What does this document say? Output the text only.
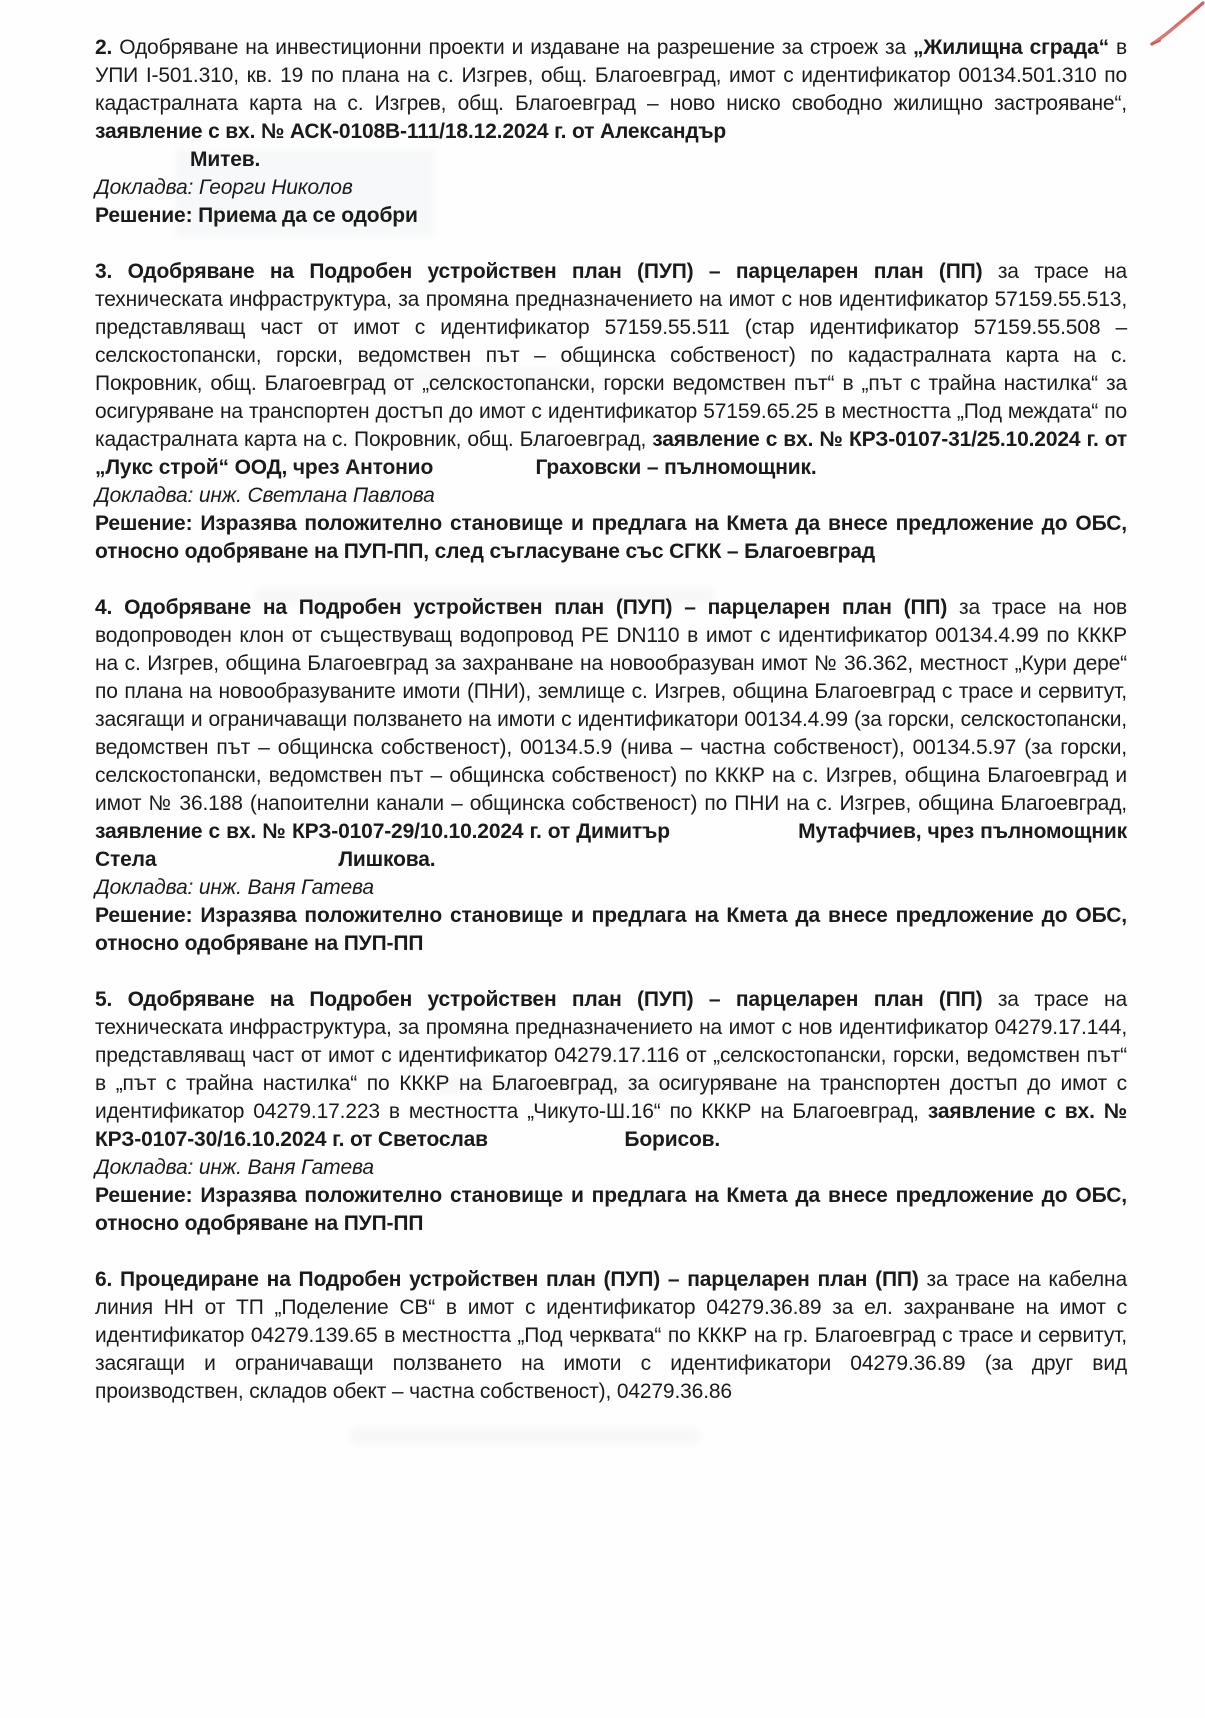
2. Одобряване на инвестиционни проекти и издаване на разрешение за строеж за „Жилищна сграда“ в УПИ І-501.310, кв. 19 по плана на с. Изгрев, общ. Благоевград, имот с идентификатор 00134.501.310 по кадастралната карта на с. Изгрев, общ. Благоевград – ново ниско свободно жилищно застрояване“, заявление с вх. № АСК-0108В-111/18.12.2024 г. от Александър

Митев.

Докладва: Георги Николов

Решение: Приема да се одобри

3. Одобряване на Подробен устройствен план (ПУП) – парцеларен план (ПП) за трасе на техническата инфраструктура, за промяна предназначението на имот с нов идентификатор 57159.55.513, представляващ част от имот с идентификатор 57159.55.511 (стар идентификатор 57159.55.508 – селскостопански, горски, ведомствен път – общинска собственост) по кадастралната карта на с. Покровник, общ. Благоевград от „селскостопански, горски ведомствен път“ в „път с трайна настилка“ за осигуряване на транспортен достъп до имот с идентификатор 57159.65.25 в местността „Под междата“ по кадастралната карта на с. Покровник, общ. Благоевград, заявление с вх. № КРЗ-0107-31/25.10.2024 г. от „Лукс строй“ ООД, чрез Антонио	Граховски – пълномощник.

Докладва: инж. Светлана Павлова

Решение: Изразява положително становище и предлага на Кмета да внесе предложение до ОБС, относно одобряване на ПУП-ПП, след съгласуване със СГКК – Благоевград

4. Одобряване на Подробен устройствен план (ПУП) – парцеларен план (ПП) за трасе на нов водопроводен клон от съществуващ водопровод PE DN110 в имот с идентификатор 00134.4.99 по КККР на с. Изгрев, община Благоевград за захранване на новообразуван имот № 36.362, местност „Кури дере“ по плана на новообразуваните имоти (ПНИ), землище с. Изгрев, община Благоевград с трасе и сервитут, засягащи и ограничаващи ползването на имоти с идентификатори 00134.4.99 (за горски, селскостопански, ведомствен път – общинска собственост), 00134.5.9 (нива – частна собственост), 00134.5.97 (за горски, селскостопански, ведомствен път – общинска собственост) по КККР на с. Изгрев, община Благоевград и имот № 36.188 (напоителни канали – общинска собственост) по ПНИ на с. Изгрев, община Благоевград, заявление с вх. № КРЗ-0107-29/10.10.2024 г. от Димитър	Мутафчиев, чрез пълномощник Стела	Лишкова.

Докладва: инж. Ваня Гатева

Решение: Изразява положително становище и предлага на Кмета да внесе предложение до ОБС, относно одобряване на ПУП-ПП

5. Одобряване на Подробен устройствен план (ПУП) – парцеларен план (ПП) за трасе на техническата инфраструктура, за промяна предназначението на имот с нов идентификатор 04279.17.144, представляващ част от имот с идентификатор 04279.17.116 от „селскостопански, горски, ведомствен път“ в „път с трайна настилка“ по КККР на Благоевград, за осигуряване на транспортен достъп до имот с идентификатор 04279.17.223 в местността „Чикуто-Ш.16“ по КККР на Благоевград, заявление с вх. № КРЗ-0107-30/16.10.2024 г. от Светослав	Борисов.

Докладва: инж. Ваня Гатева

Решение: Изразява положително становище и предлага на Кмета да внесе предложение до ОБС, относно одобряване на ПУП-ПП

6. Процедиране на Подробен устройствен план (ПУП) – парцеларен план (ПП) за трасе на кабелна линия НН от ТП „Поделение СВ“ в имот с идентификатор 04279.36.89 за ел. захранване на имот с идентификатор 04279.139.65 в местността „Под черквата“ по КККР на гр. Благоевград с трасе и сервитут, засягащи и ограничаващи ползването на имоти с идентификатори 04279.36.89 (за друг вид производствен, складов обект – частна собственост), 04279.36.86
